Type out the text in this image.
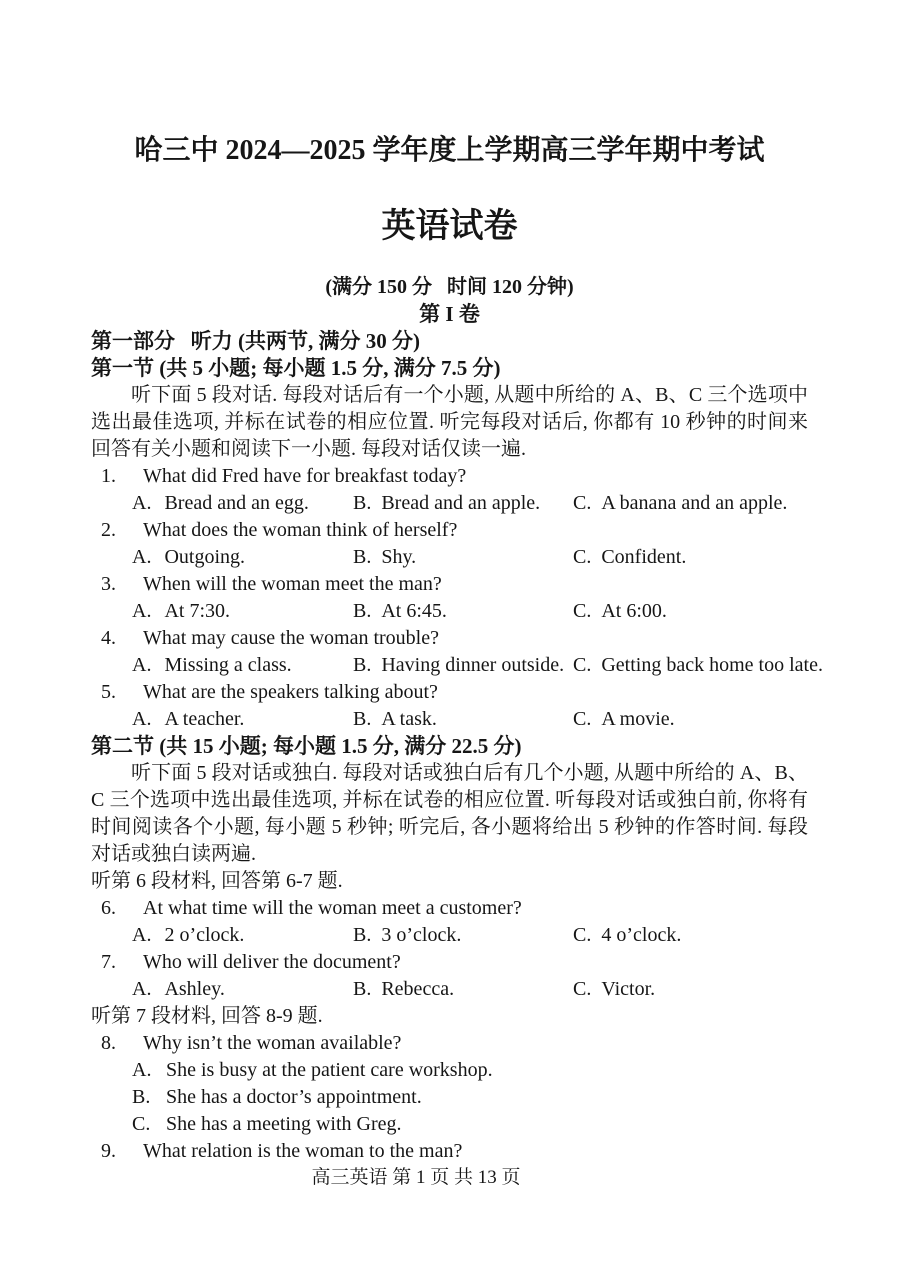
哈三中 2024—2025 学年度上学期高三学年期中考试
英语试卷
(满分 150 分   时间 120 分钟)
第 I 卷
第一部分   听力 (共两节, 满分 30 分)
第一节 (共 5 小题; 每小题 1.5 分, 满分 7.5 分)

听下面 5 段对话. 每段对话后有一个小题, 从题中所给的 A、B、C 三个选项中选出最佳选项, 并标在试卷的相应位置. 听完每段对话后, 你都有 10 秒钟的时间来回答有关小题和阅读下一小题. 每段对话仅读一遍.

1.	What did Fred have for breakfast today?
A. Bread and an egg.	B. Bread and an apple.	C. A banana and an apple.
2.	What does the woman think of herself?
A. Outgoing.	B. Shy.	C. Confident.
3.	When will the woman meet the man?
A. At 7:30.	B. At 6:45.	C. At 6:00.
4.	What may cause the woman trouble?
A. Missing a class.	B. Having dinner outside. C. Getting back home too late.
5.	What are the speakers talking about?
A. A teacher.	B. A task.	C. A movie.
第二节 (共 15 小题; 每小题 1.5 分, 满分 22.5 分)

听下面 5 段对话或独白. 每段对话或独白后有几个小题, 从题中所给的 A、B、C 三个选项中选出最佳选项, 并标在试卷的相应位置. 听每段对话或独白前, 你将有时间阅读各个小题, 每小题 5 秒钟; 听完后, 各小题将给出 5 秒钟的作答时间. 每段对话或独白读两遍.

听第 6 段材料, 回答第 6-7 题.
6.	At what time will the woman meet a customer?
A. 2 o’clock.	B. 3 o’clock.	C. 4 o’clock.
7.	Who will deliver the document?
A. Ashley.	B. Rebecca.	C. Victor.
听第 7 段材料, 回答 8-9 题.
8.	Why isn’t the woman available?
A. She is busy at the patient care workshop.
B. She has a doctor’s appointment.
C. She has a meeting with Greg.
9.	What relation is the woman to the man?
高三英语 第 1 页 共 13 页
